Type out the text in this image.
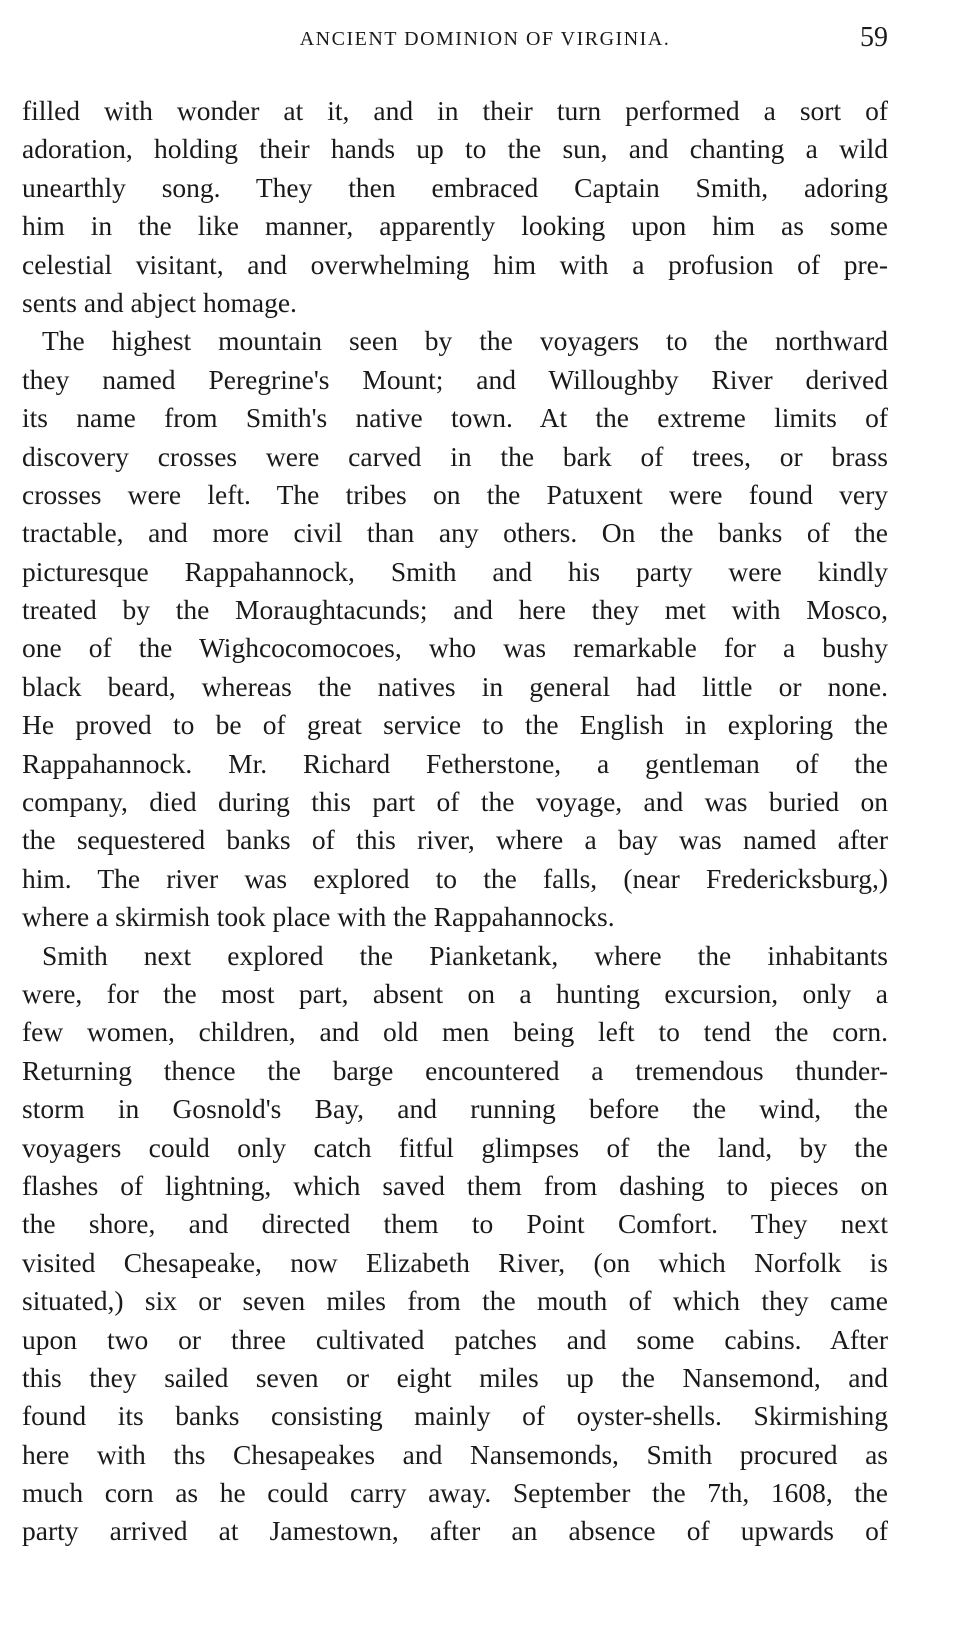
ANCIENT DOMINION OF VIRGINIA.	59
filled with wonder at it, and in their turn performed a sort of
adoration, holding their hands up to the sun, and chanting a wild
unearthly song. They then embraced Captain Smith, adoring
him in the like manner, apparently looking upon him as some
celestial visitant, and overwhelming him with a profusion of pre-
sents and abject homage.
The highest mountain seen by the voyagers to the northward
they named Peregrine's Mount; and Willoughby River derived
its name from Smith's native town. At the extreme limits of
discovery crosses were carved in the bark of trees, or brass
crosses were left. The tribes on the Patuxent were found very
tractable, and more civil than any others. On the banks of the
picturesque Rappahannock, Smith and his party were kindly
treated by the Moraughtacunds; and here they met with Mosco,
one of the Wighcocomocoes, who was remarkable for a bushy
black beard, whereas the natives in general had little or none.
He proved to be of great service to the English in exploring the
Rappahannock. Mr. Richard Fetherstone, a gentleman of the
company, died during this part of the voyage, and was buried on
the sequestered banks of this river, where a bay was named after
him. The river was explored to the falls, (near Fredericksburg,)
where a skirmish took place with the Rappahannocks.
Smith next explored the Pianketank, where the inhabitants
were, for the most part, absent on a hunting excursion, only a
few women, children, and old men being left to tend the corn.
Returning thence the barge encountered a tremendous thunder-
storm in Gosnold's Bay, and running before the wind, the
voyagers could only catch fitful glimpses of the land, by the
flashes of lightning, which saved them from dashing to pieces on
the shore, and directed them to Point Comfort. They next
visited Chesapeake, now Elizabeth River, (on which Norfolk is
situated,) six or seven miles from the mouth of which they came
upon two or three cultivated patches and some cabins. After
this they sailed seven or eight miles up the Nansemond, and
found its banks consisting mainly of oyster-shells. Skirmishing
here with ths Chesapeakes and Nansemonds, Smith procured as
much corn as he could carry away. September the 7th, 1608, the
party arrived at Jamestown, after an absence of upwards of
